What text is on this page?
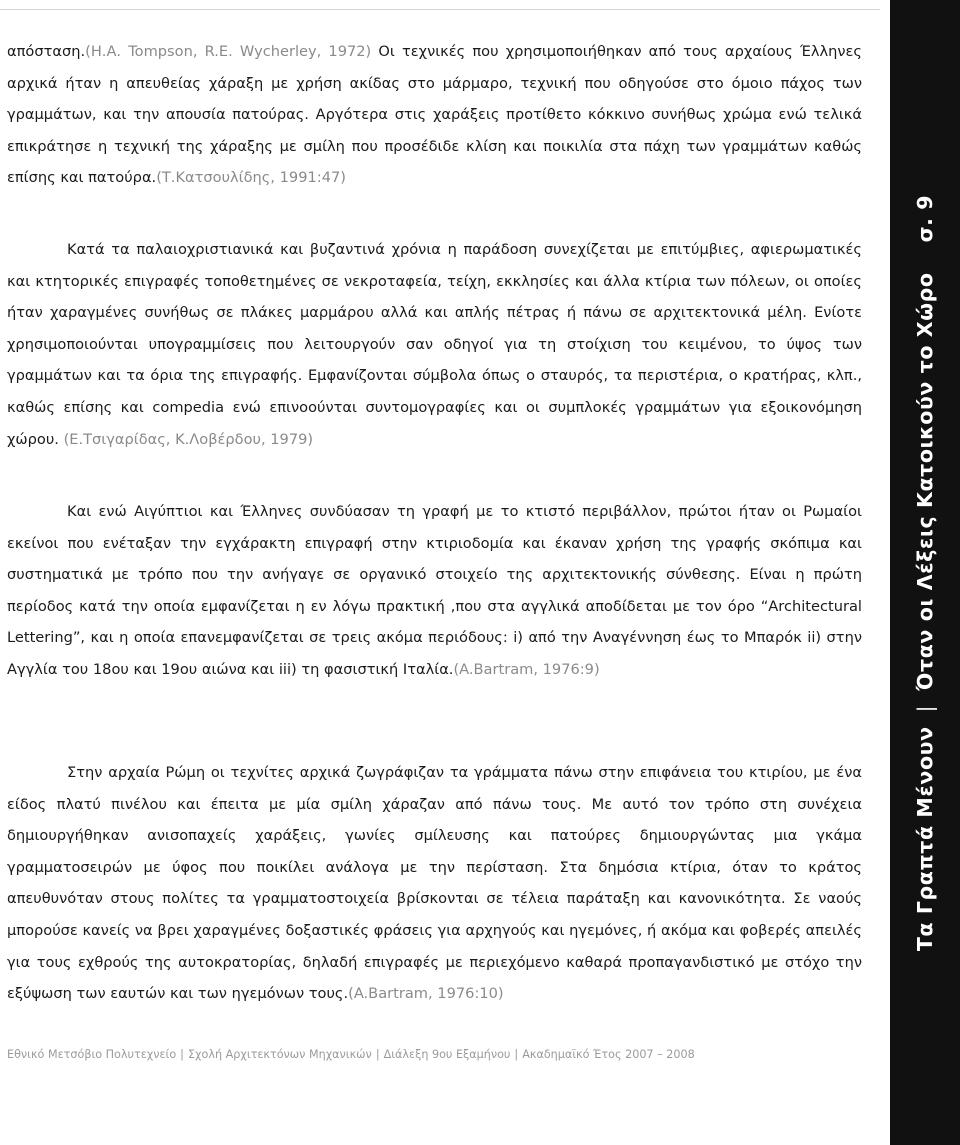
απόσταση.(Η.Α. Tompson, R.E. Wycherley, 1972) Οι τεχνικές που χρησιμοποιήθηκαν από τους αρχαίους Έλληνες αρχικά ήταν η απευθείας χάραξη με χρήση ακίδας στο μάρμαρο, τεχνική που οδηγούσε στο όμοιο πάχος των γραμμάτων, και την απουσία πατούρας. Αργότερα στις χαράξεις προτίθετο κόκκινο συνήθως χρώμα ενώ τελικά επικράτησε η τεχνική της χάραξης με σμίλη που προσέδιδε κλίση και ποικιλία στα πάχη των γραμμάτων καθώς επίσης και πατούρα.(Τ.Κατσουλίδης, 1991:47)

Κατά τα παλαιοχριστιανικά και βυζαντινά χρόνια η παράδοση συνεχίζεται με επιτύμβιες, αφιερωματικές και κτητορικές επιγραφές τοποθετημένες σε νεκροταφεία, τείχη, εκκλησίες και άλλα κτίρια των πόλεων, οι οποίες ήταν χαραγμένες συνήθως σε πλάκες μαρμάρου αλλά και απλής πέτρας ή πάνω σε αρχιτεκτονικά μέλη. Ενίοτε χρησιμοποιούνται υπογραμμίσεις που λειτουργούν σαν οδηγοί για τη στοίχιση του κειμένου, το ύψος των γραμμάτων και τα όρια της επιγραφής. Εμφανίζονται σύμβολα όπως ο σταυρός, τα περιστέρια, ο κρατήρας, κλπ., καθώς επίσης και compedia ενώ επινοούνται συντομογραφίες και οι συμπλοκές γραμμάτων για εξοικονόμηση χώρου. (Ε.Τσιγαρίδας, Κ.Λοβέρδου, 1979)

Και ενώ Αιγύπτιοι και Έλληνες συνδύασαν τη γραφή με το κτιστό περιβάλλον, πρώτοι ήταν οι Ρωμαίοι εκείνοι που ενέταξαν την εγχάρακτη επιγραφή στην κτιριοδομία και έκαναν χρήση της γραφής σκόπιμα και συστηματικά με τρόπο που την ανήγαγε σε οργανικό στοιχείο της αρχιτεκτονικής σύνθεσης. Είναι η πρώτη περίοδος κατά την οποία εμφανίζεται η εν λόγω πρακτική ,που στα αγγλικά αποδίδεται με τον όρο “Architectural Lettering”, και η οποία επανεμφανίζεται σε τρεις ακόμα περιόδους: i) από την Αναγέννηση έως το Μπαρόκ ii) στην Αγγλία του 18ου και 19ου αιώνα και iii) τη φασιστική Ιταλία.(A.Bartram, 1976:9)

Στην αρχαία Ρώμη οι τεχνίτες αρχικά ζωγράφιζαν τα γράμματα πάνω στην επιφάνεια του κτιρίου, με ένα είδος πλατύ πινέλου και έπειτα με μία σμίλη χάραζαν από πάνω τους. Με αυτό τον τρόπο στη συνέχεια δημιουργήθηκαν ανισοπαχείς χαράξεις, γωνίες σμίλευσης και πατούρες δημιουργώντας μια γκάμα γραμματοσειρών με ύφος που ποικίλει ανάλογα με την περίσταση. Στα δημόσια κτίρια, όταν το κράτος απευθυνόταν στους πολίτες τα γραμματοστοιχεία βρίσκονται σε τέλεια παράταξη και κανονικότητα. Σε ναούς μπορούσε κανείς να βρει χαραγμένες δοξαστικές φράσεις για αρχηγούς και ηγεμόνες, ή ακόμα και φοβερές απειλές για τους εχθρούς της αυτοκρατορίας, δηλαδή επιγραφές με περιεχόμενο καθαρά προπαγανδιστικό με στόχο την εξύψωση των εαυτών και των ηγεμόνων τους.(A.Bartram, 1976:10)

Εθνικό Μετσόβιο Πολυτεχνείο | Σχολή Αρχιτεκτόνων Μηχανικών | Διάλεξη 9ου Εξαμήνου | Ακαδημαϊκό Έτος 2007 – 2008
Τα Γραπτά Μένουν|Όταν οι Λέξεις Κατοικούν το Χώροσ. 9
